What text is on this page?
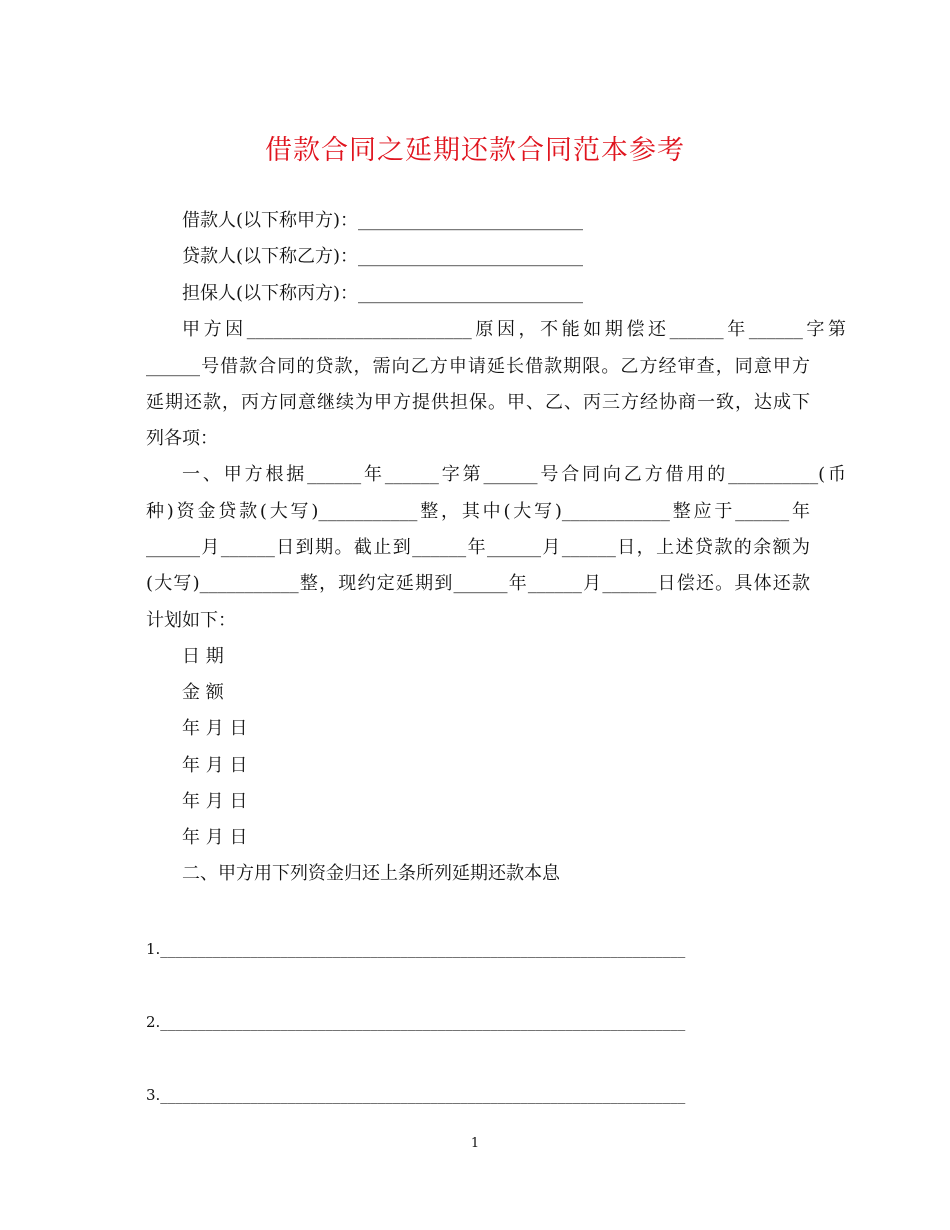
借款合同之延期还款合同范本参考
借款人(以下称甲方)：_________________________
贷款人(以下称乙方)：_________________________
担保人(以下称丙方)：_________________________
甲方因_________________________原因，不能如期偿还______年______字第
______号借款合同的贷款，需向乙方申请延长借款期限。乙方经审查，同意甲方
延期还款，丙方同意继续为甲方提供担保。甲、乙、丙三方经协商一致，达成下
列各项：
一、甲方根据______年______字第______号合同向乙方借用的__________(币
种)资金贷款(大写)___________整，其中(大写)____________整应于______年
______月______日到期。截止到______年______月______日，上述贷款的余额为
(大写)___________整，现约定延期到______年______月______日偿还。具体还款
计划如下：
日 期
金 额
年 月 日
年 月 日
年 月 日
年 月 日
二、甲方用下列资金归还上条所列延期还款本息
1.______________________________________________________________________
2.______________________________________________________________________
3.______________________________________________________________________
1
